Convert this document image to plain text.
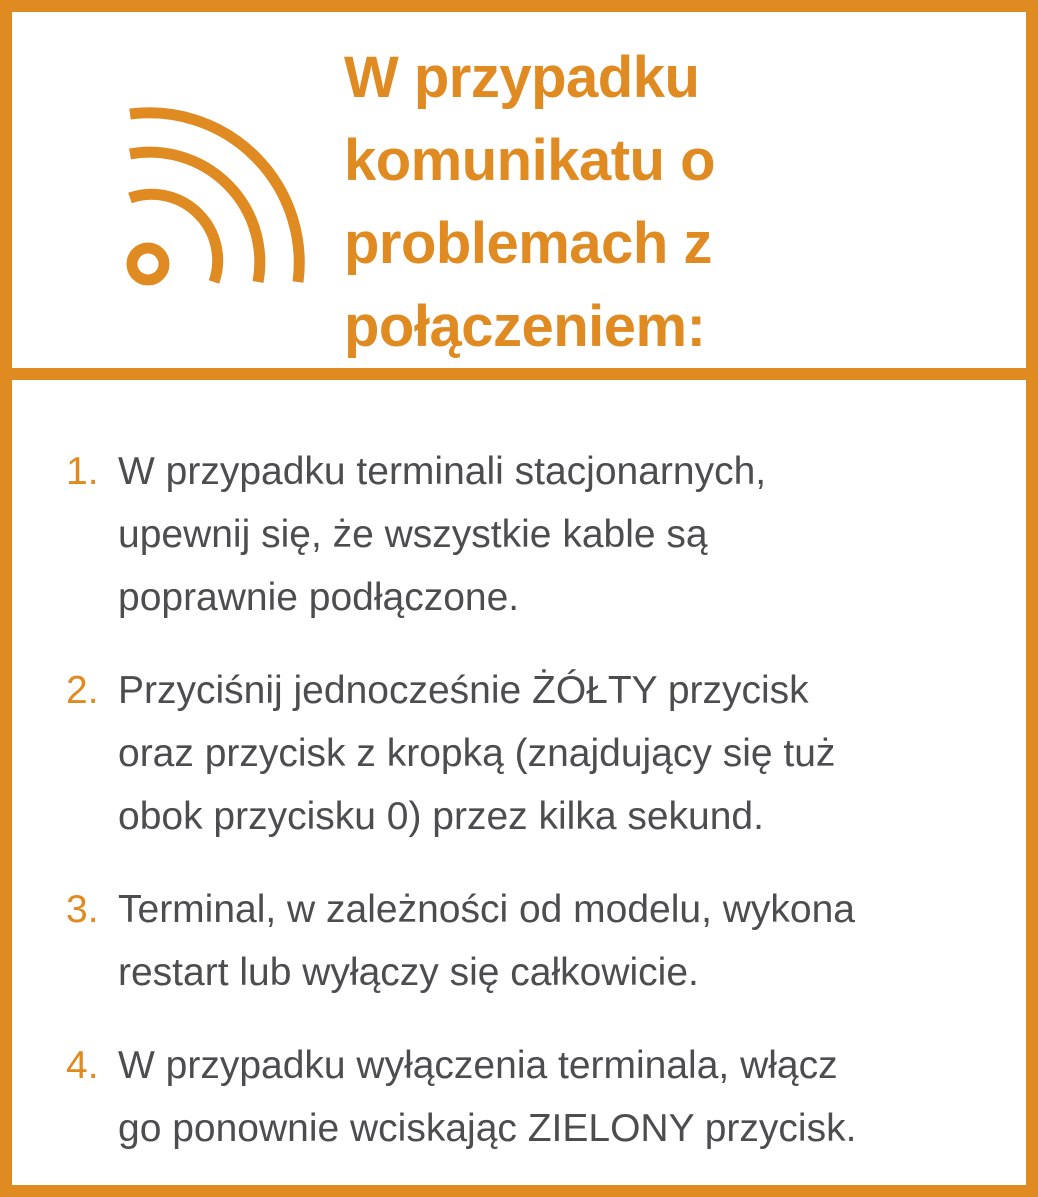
W przypadku
komunikatu o
problemach z
połączeniem:
1. W przypadku terminali stacjonarnych,
upewnij się, że wszystkie kable są
poprawnie podłączone.
2. Przyciśnij jednocześnie ŻÓŁTY przycisk
oraz przycisk z kropką (znajdujący się tuż
obok przycisku 0) przez kilka sekund.
3. Terminal, w zależności od modelu, wykona
restart lub wyłączy się całkowicie.
4. W przypadku wyłączenia terminala, włącz
go ponownie wciskając ZIELONY przycisk.
